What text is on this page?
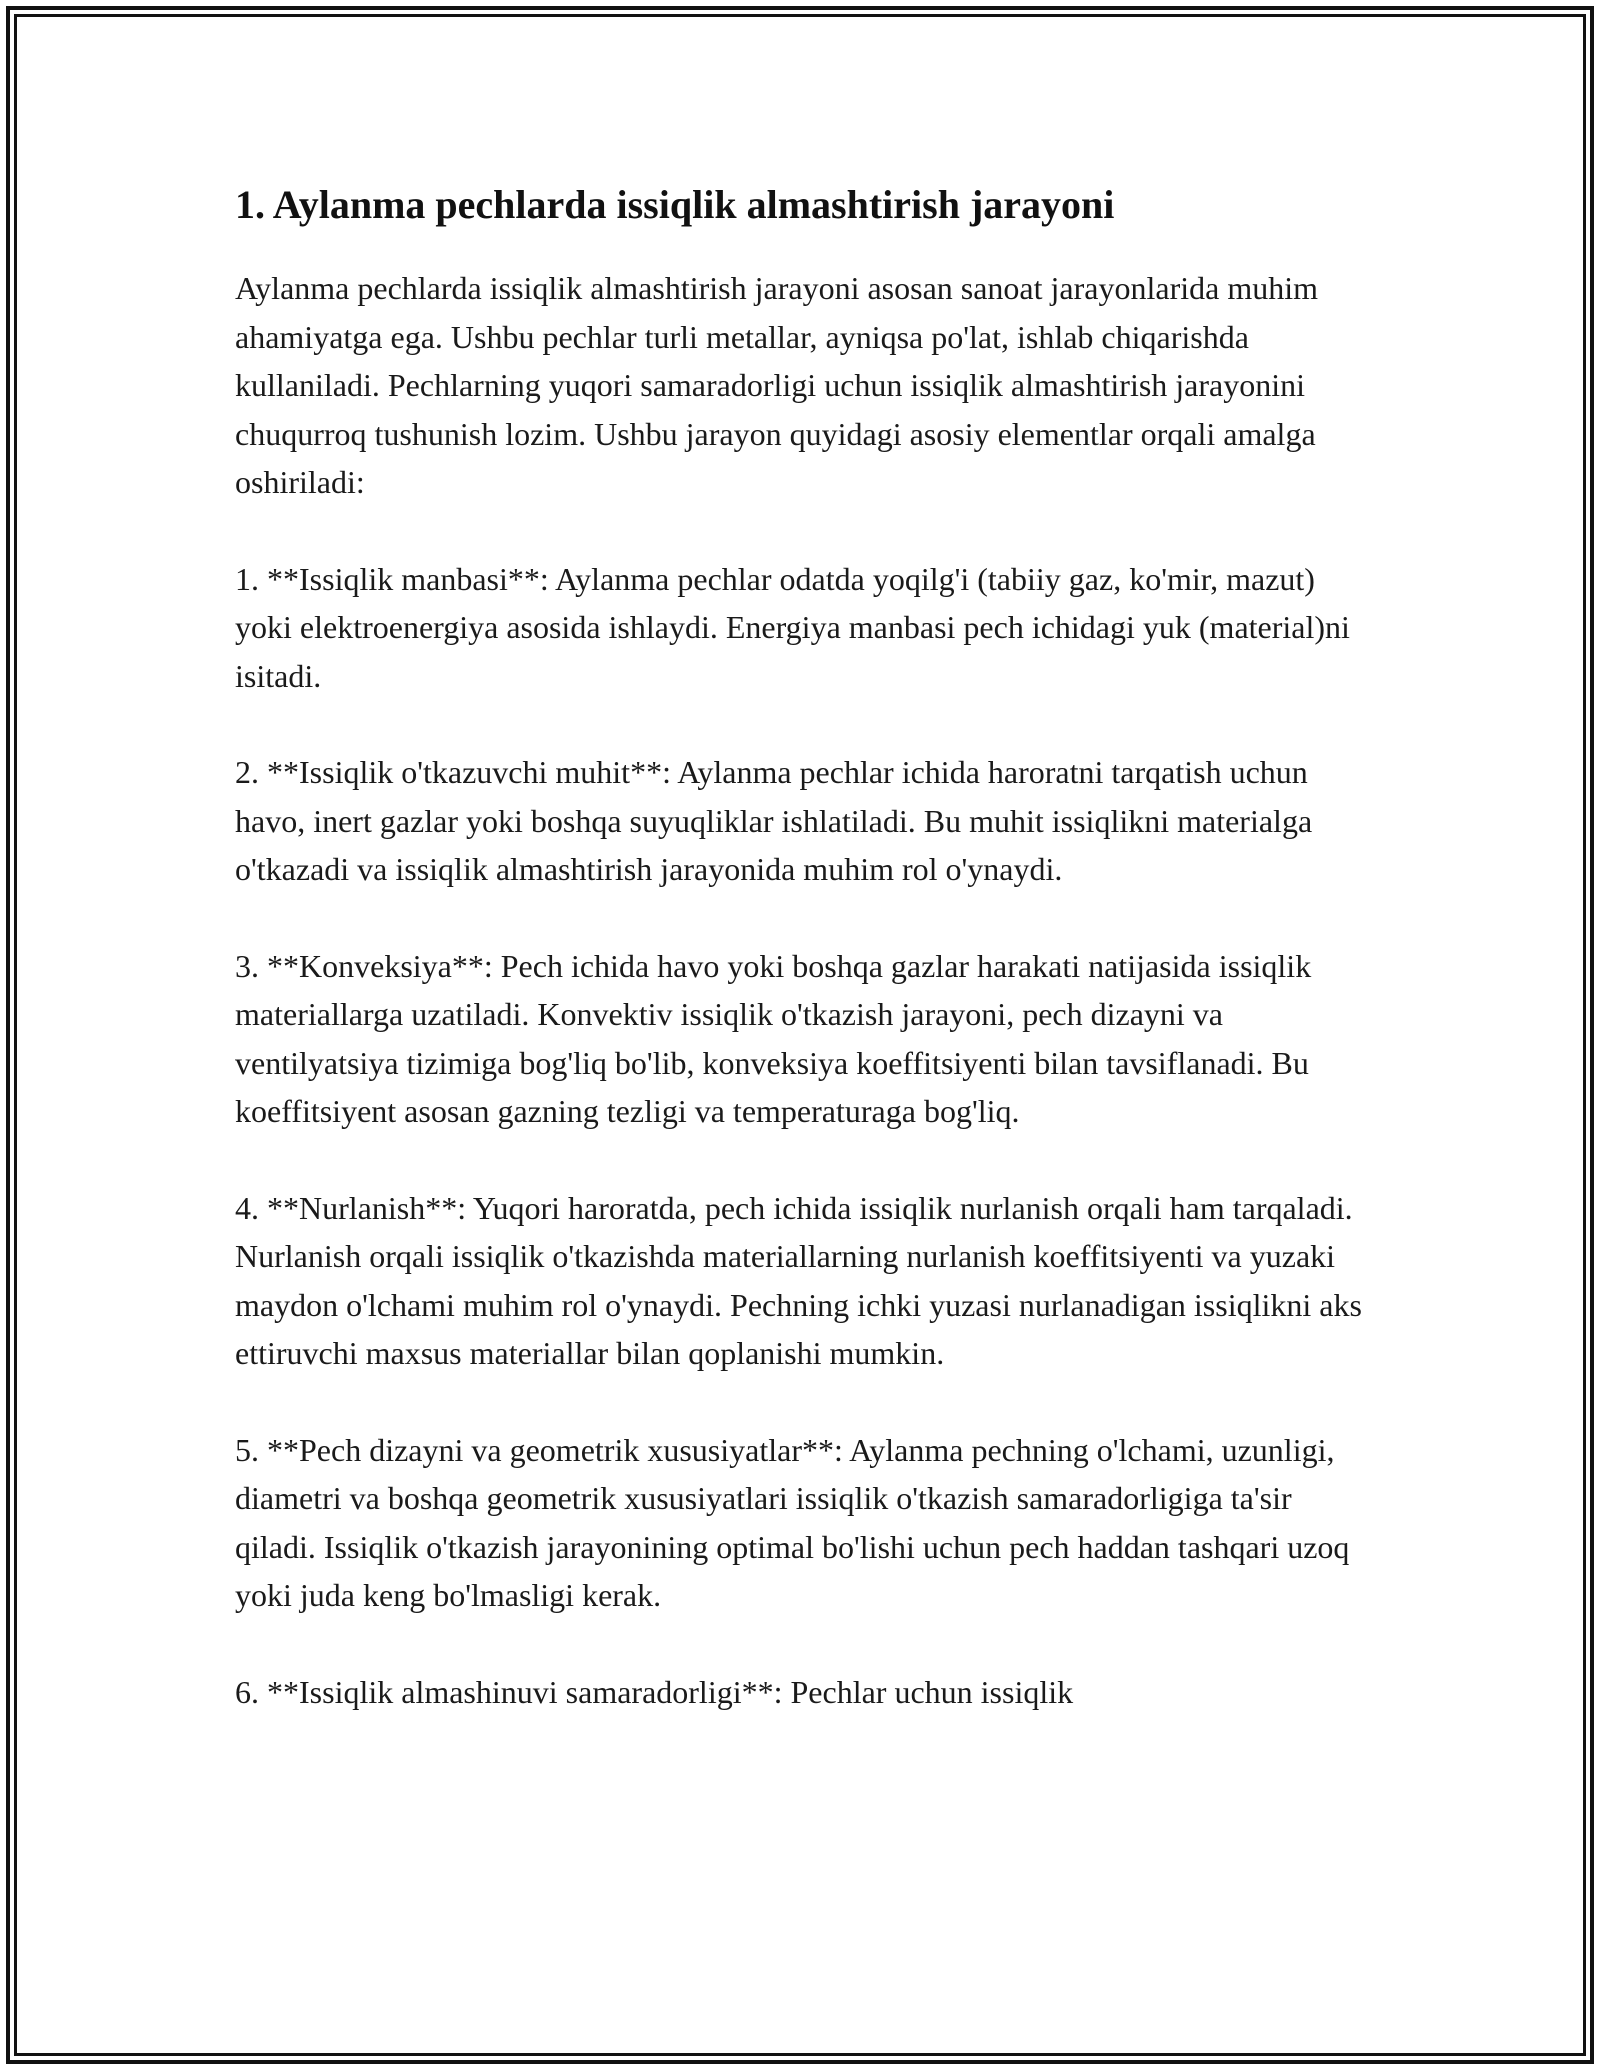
1. Aylanma pechlarda issiqlik almashtirish jarayoni

Aylanma pechlarda issiqlik almashtirish jarayoni asosan sanoat jarayonlarida muhim ahamiyatga ega. Ushbu pechlar turli metallar, ayniqsa po'lat, ishlab chiqarishda kullaniladi. Pechlarning yuqori samaradorligi uchun issiqlik almashtirish jarayonini chuqurroq tushunish lozim. Ushbu jarayon quyidagi asosiy elementlar orqali amalga oshiriladi:

1. **Issiqlik manbasi**: Aylanma pechlar odatda yoqilg'i (tabiiy gaz, ko'mir, mazut) yoki elektroenergiya asosida ishlaydi. Energiya manbasi pech ichidagi yuk (material)ni isitadi.

2. **Issiqlik o'tkazuvchi muhit**: Aylanma pechlar ichida haroratni tarqatish uchun havo, inert gazlar yoki boshqa suyuqliklar ishlatiladi. Bu muhit issiqlikni materialga o'tkazadi va issiqlik almashtirish jarayonida muhim rol o'ynaydi.

3. **Konveksiya**: Pech ichida havo yoki boshqa gazlar harakati natijasida issiqlik materiallarga uzatiladi. Konvektiv issiqlik o'tkazish jarayoni, pech dizayni va ventilyatsiya tizimiga bog'liq bo'lib, konveksiya koeffitsiyenti bilan tavsiflanadi. Bu koeffitsiyent asosan gazning tezligi va temperaturaga bog'liq.

4. **Nurlanish**: Yuqori haroratda, pech ichida issiqlik nurlanish orqali ham tarqaladi. Nurlanish orqali issiqlik o'tkazishda materiallarning nurlanish koeffitsiyenti va yuzaki maydon o'lchami muhim rol o'ynaydi. Pechning ichki yuzasi nurlanadigan issiqlikni aks ettiruvchi maxsus materiallar bilan qoplanishi mumkin.

5. **Pech dizayni va geometrik xususiyatlar**: Aylanma pechning o'lchami, uzunligi, diametri va boshqa geometrik xususiyatlari issiqlik o'tkazish samaradorligiga ta'sir qiladi. Issiqlik o'tkazish jarayonining optimal bo'lishi uchun pech haddan tashqari uzoq yoki juda keng bo'lmasligi kerak.

6. **Issiqlik almashinuvi samaradorligi**: Pechlar uchun issiqlik
